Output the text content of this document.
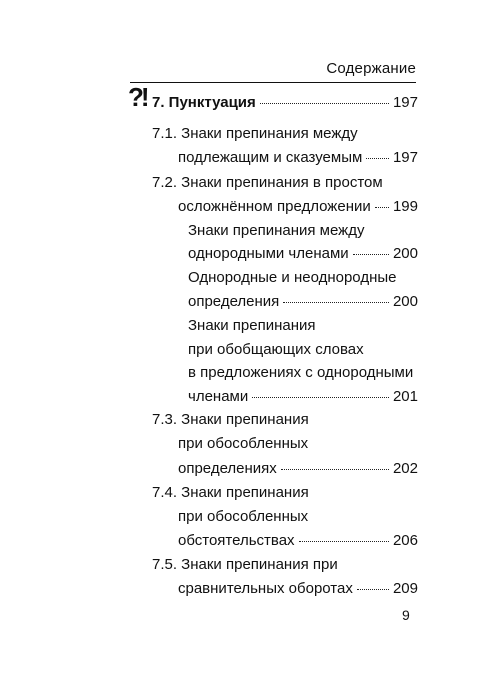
Содержание
?! 7. Пунктуация	197
7.1. Знаки препинания между
подлежащим и сказуемым 197
7.2. Знаки препинания в простом
осложнённом предложении 199
Знаки препинания между
однородными членами	200
Однородные и неоднородные
определения	200
Знаки препинания
при обобщающих словах
в предложениях с однородными
членами	201
7.3. Знаки препинания
при обособленных
определениях	202
7.4. Знаки препинания
при обособленных
обстоятельствах	206
7.5. Знаки препинания при
сравнительных оборотах	209
9
